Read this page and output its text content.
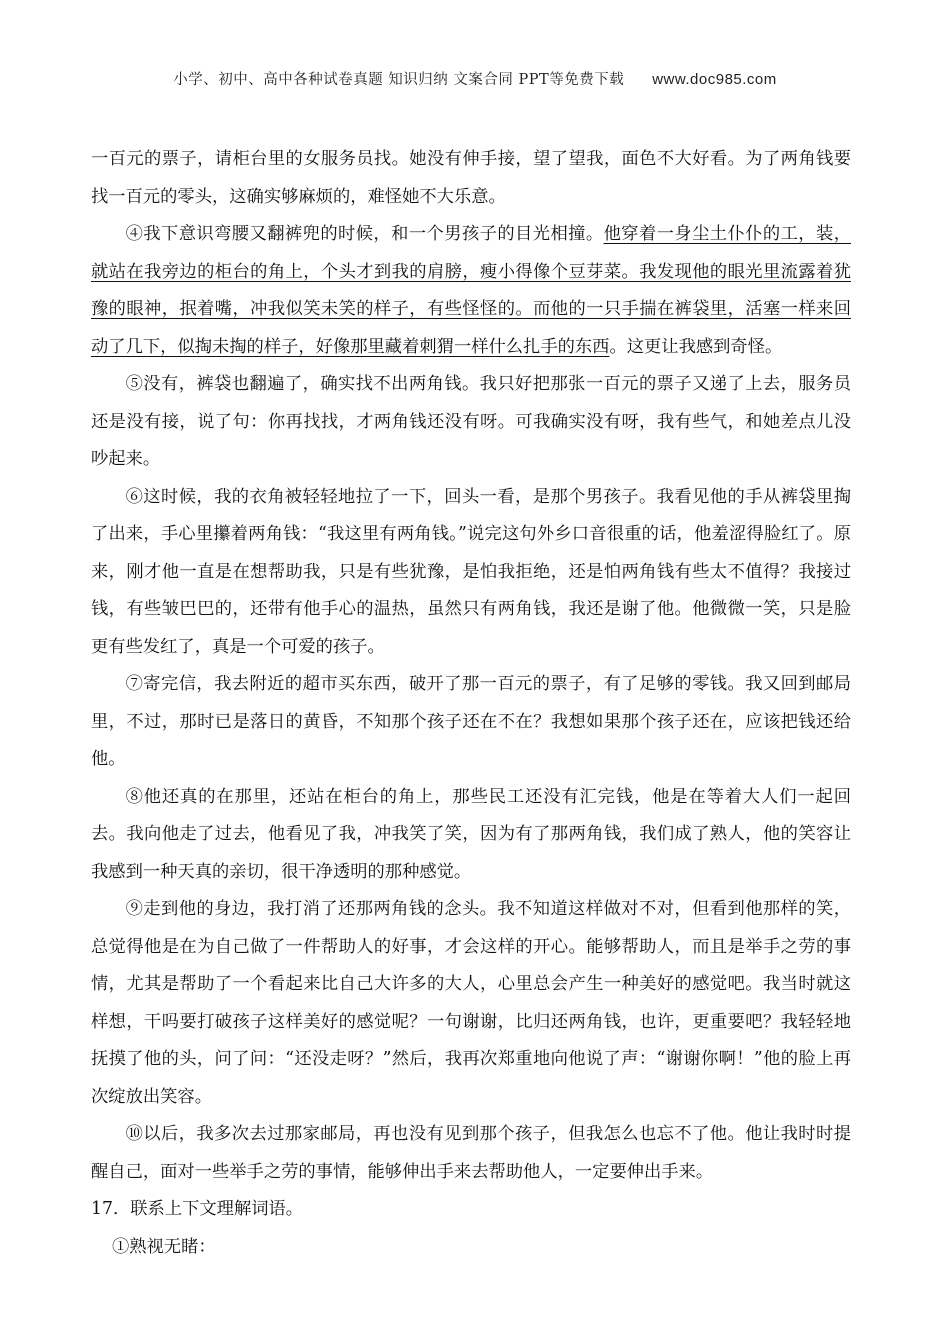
小学、初中、高中各种试卷真题 知识归纳 文案合同 PPT等免费下载 www.doc985.com

一百元的票子，请柜台里的女服务员找。她没有伸手接，望了望我，面色不大好看。为了两角钱要找一百元的零头，这确实够麻烦的，难怪她不大乐意。

④我下意识弯腰又翻裤兜的时候，和一个男孩子的目光相撞。他穿着一身尘土仆仆的工，装，就站在我旁边的柜台的角上，个头才到我的肩膀，瘦小得像个豆芽菜。我发现他的眼光里流露着犹豫的眼神，抿着嘴，冲我似笑未笑的样子，有些怪怪的。而他的一只手揣在裤袋里，活塞一样来回动了几下，似掏未掏的样子，好像那里藏着刺猬一样什么扎手的东西。这更让我感到奇怪。

⑤没有，裤袋也翻遍了，确实找不出两角钱。我只好把那张一百元的票子又递了上去，服务员还是没有接，说了句：你再找找，才两角钱还没有呀。可我确实没有呀，我有些气，和她差点儿没吵起来。

⑥这时候，我的衣角被轻轻地拉了一下，回头一看，是那个男孩子。我看见他的手从裤袋里掏了出来，手心里攥着两角钱：“我这里有两角钱。”说完这句外乡口音很重的话，他羞涩得脸红了。原来，刚才他一直是在想帮助我，只是有些犹豫，是怕我拒绝，还是怕两角钱有些太不值得？我接过钱，有些皱巴巴的，还带有他手心的温热，虽然只有两角钱，我还是谢了他。他微微一笑，只是脸更有些发红了，真是一个可爱的孩子。

⑦寄完信，我去附近的超市买东西，破开了那一百元的票子，有了足够的零钱。我又回到邮局里，不过，那时已是落日的黄昏，不知那个孩子还在不在？我想如果那个孩子还在，应该把钱还给他。

⑧他还真的在那里，还站在柜台的角上，那些民工还没有汇完钱，他是在等着大人们一起回去。我向他走了过去，他看见了我，冲我笑了笑，因为有了那两角钱，我们成了熟人，他的笑容让我感到一种天真的亲切，很干净透明的那种感觉。

⑨走到他的身边，我打消了还那两角钱的念头。我不知道这样做对不对，但看到他那样的笑，总觉得他是在为自己做了一件帮助人的好事，才会这样的开心。能够帮助人，而且是举手之劳的事情，尤其是帮助了一个看起来比自己大许多的大人，心里总会产生一种美好的感觉吧。我当时就这样想，干吗要打破孩子这样美好的感觉呢？一句谢谢，比归还两角钱，也许，更重要吧？我轻轻地抚摸了他的头，问了问：“还没走呀？”然后，我再次郑重地向他说了声：“谢谢你啊！”他的脸上再次绽放出笑容。

⑩以后，我多次去过那家邮局，再也没有见到那个孩子，但我怎么也忘不了他。他让我时时提醒自己，面对一些举手之劳的事情，能够伸出手来去帮助他人，一定要伸出手来。

17．联系上下文理解词语。

①熟视无睹：
